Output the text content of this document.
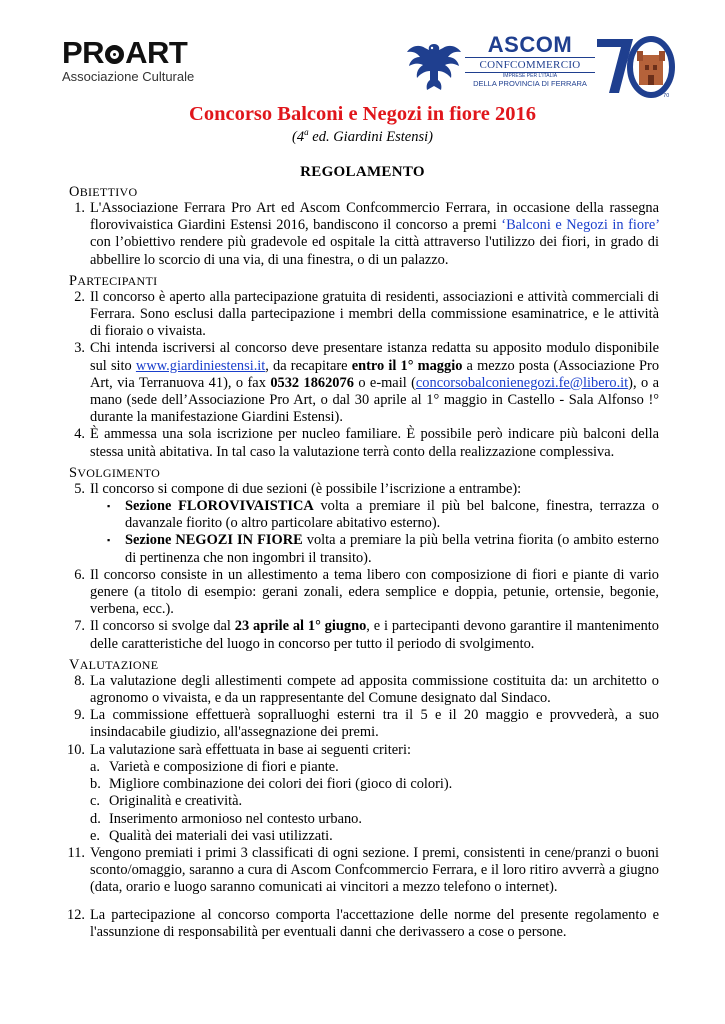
PR ART
Associazione Culturale
ASCOM
CONFCOMMERCIO
IMPRESE PER L'ITALIA
DELLA PROVINCIA DI FERRARA
70
Concorso Balconi e Negozi in fiore 2016
(4$^a$ ed. Giardini Estensi)
REGOLAMENTO
OBIETTIVO
1. L'Associazione Ferrara Pro Art ed Ascom Confcommercio Ferrara, in occasione della rassegna florovivaistica Giardini Estensi 2016, bandiscono il concorso a premi ‘Balconi e Negozi in fiore’ con l’obiettivo rendere più gradevole ed ospitale la città attraverso l'utilizzo dei fiori, in grado di abbellire lo scorcio di una via, di una finestra, o di un palazzo.
PARTECIPANTI
2. Il concorso è aperto alla partecipazione gratuita di residenti, associazioni e attività commerciali di Ferrara. Sono esclusi dalla partecipazione i membri della commissione esaminatrice, e le attività di fioraio o vivaista.
3. Chi intenda iscriversi al concorso deve presentare istanza redatta su apposito modulo disponibile sul sito www.giardiniestensi.it, da recapitare entro il 1° maggio a mezzo posta (Associazione Pro Art, via Terranuova 41), o fax 0532 1862076 o e-mail (concorsobalconienegozi.fe@libero.it), o a mano (sede dell’Associazione Pro Art, o dal 30 aprile al 1° maggio in Castello - Sala Alfonso !° durante la manifestazione Giardini Estensi).
4. È ammessa una sola iscrizione per nucleo familiare. È possibile però indicare più balconi della stessa unità abitativa. In tal caso la valutazione terrà conto della realizzazione complessiva.
SVOLGIMENTO
5. Il concorso si compone di due sezioni (è possibile l’iscrizione a entrambe):
▪ Sezione FLOROVIVAISTICA volta a premiare il più bel balcone, finestra, terrazza o davanzale fiorito (o altro particolare abitativo esterno).
▪ Sezione NEGOZI IN FIORE volta a premiare la più bella vetrina fiorita (o ambito esterno di pertinenza che non ingombri il transito).
6. Il concorso consiste in un allestimento a tema libero con composizione di fiori e piante di vario genere (a titolo di esempio: gerani zonali, edera semplice e doppia, petunie, ortensie, begonie, verbena, ecc.).
7. Il concorso si svolge dal 23 aprile al 1° giugno, e i partecipanti devono garantire il mantenimento delle caratteristiche del luogo in concorso per tutto il periodo di svolgimento.
VALUTAZIONE
8. La valutazione degli allestimenti compete ad apposita commissione costituita da: un architetto o agronomo o vivaista, e da un rappresentante del Comune designato dal Sindaco.
9. La commissione effettuerà sopralluoghi esterni tra il 5 e il 20 maggio e provvederà, a suo insindacabile giudizio, all'assegnazione dei premi.
10. La valutazione sarà effettuata in base ai seguenti criteri:
a. Varietà e composizione di fiori e piante.
b. Migliore combinazione dei colori dei fiori (gioco di colori).
c. Originalità e creatività.
d. Inserimento armonioso nel contesto urbano.
e. Qualità dei materiali dei vasi utilizzati.
11. Vengono premiati i primi 3 classificati di ogni sezione. I premi, consistenti in cene/pranzi o buoni sconto/omaggio, saranno a cura di Ascom Confcommercio Ferrara, e il loro ritiro avverrà a giugno (data, orario e luogo saranno comunicati ai vincitori a mezzo telefono o internet).
12. La partecipazione al concorso comporta l'accettazione delle norme del presente regolamento e l'assunzione di responsabilità per eventuali danni che derivassero a cose o persone.
